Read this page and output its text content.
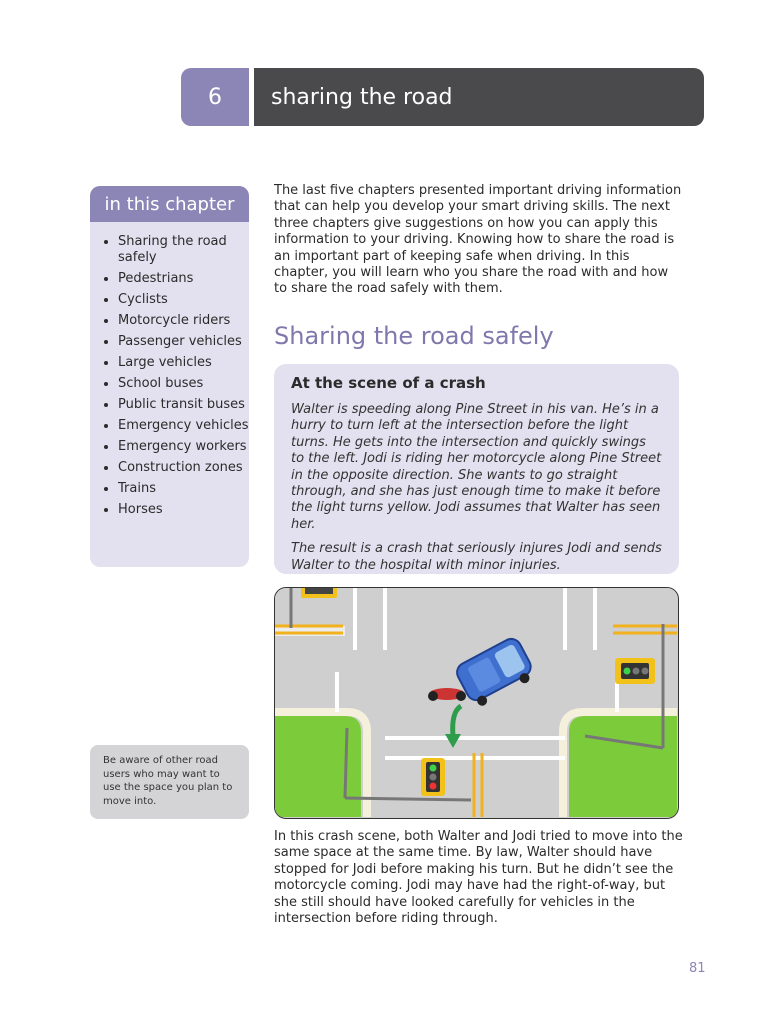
6	sharing the road
in this chapter
• Sharing the road safely
• Pedestrians
• Cyclists
• Motorcycle riders
• Passenger vehicles
• Large vehicles
• School buses
• Public transit buses
• Emergency vehicles
• Emergency workers
• Construction zones
• Trains
• Horses
Be aware of other road users who may want to use the space you plan to move into.

The last five chapters presented important driving information that can help you develop your smart driving skills. The next three chapters give suggestions on how you can apply this information to your driving. Knowing how to share the road is an important part of keeping safe when driving. In this chapter, you will learn who you share the road with and how to share the road safely with them.

Sharing the road safely
At the scene of a crash

Walter is speeding along Pine Street in his van. He’s in a hurry to turn left at the intersection before the light turns. He gets into the intersection and quickly swings to the left. Jodi is riding her motorcycle along Pine Street in the opposite direction. She wants to go straight through, and she has just enough time to make it before the light turns yellow. Jodi assumes that Walter has seen her.

The result is a crash that seriously injures Jodi and sends Walter to the hospital with minor injuries.

In this crash scene, both Walter and Jodi tried to move into the same space at the same time. By law, Walter should have stopped for Jodi before making his turn. But he didn’t see the motorcycle coming. Jodi may have had the right-of-way, but she still should have looked carefully for vehicles in the intersection before riding through.

81
